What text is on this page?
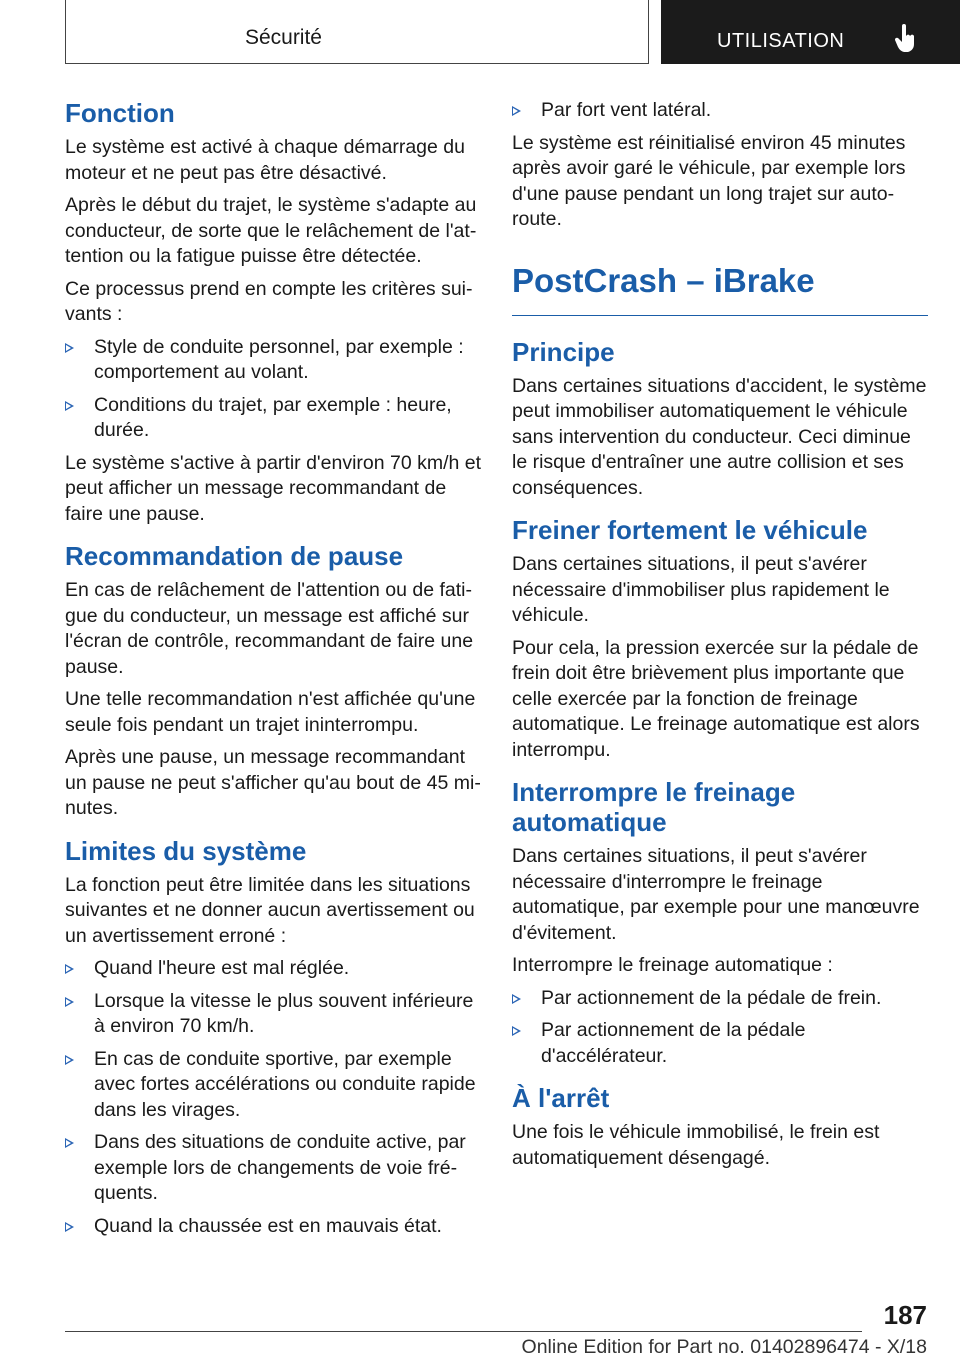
Sécurité	UTILISATION
Fonction

Le système est activé à chaque démarrage du moteur et ne peut pas être désactivé.

Après le début du trajet, le système s'adapte au conducteur, de sorte que le relâchement de l'attention ou la fatigue puisse être détectée.

Ce processus prend en compte les critères suivants :

Style de conduite personnel, par exemple : comportement au volant.
Conditions du trajet, par exemple : heure, durée.

Le système s'active à partir d'environ 70 km/h et peut afficher un message recommandant de faire une pause.

Recommandation de pause

En cas de relâchement de l'attention ou de fatigue du conducteur, un message est affiché sur l'écran de contrôle, recommandant de faire une pause.

Une telle recommandation n'est affichée qu'une seule fois pendant un trajet ininterrompu.

Après une pause, un message recommandant un pause ne peut s'afficher qu'au bout de 45 minutes.

Limites du système

La fonction peut être limitée dans les situations suivantes et ne donner aucun avertissement ou un avertissement erroné :

Quand l'heure est mal réglée.
Lorsque la vitesse le plus souvent inférieure à environ 70 km/h.
En cas de conduite sportive, par exemple avec fortes accélérations ou conduite rapide dans les virages.
Dans des situations de conduite active, par exemple lors de changements de voie fréquents.
Quand la chaussée est en mauvais état.
Par fort vent latéral.

Le système est réinitialisé environ 45 minutes après avoir garé le véhicule, par exemple lors d'une pause pendant un long trajet sur autoroute.

PostCrash – iBrake
Principe

Dans certaines situations d'accident, le système peut immobiliser automatiquement le véhicule sans intervention du conducteur. Ceci diminue le risque d'entraîner une autre collision et ses conséquences.

Freiner fortement le véhicule

Dans certaines situations, il peut s'avérer nécessaire d'immobiliser plus rapidement le véhicule.

Pour cela, la pression exercée sur la pédale de frein doit être brièvement plus importante que celle exercée par la fonction de freinage automatique. Le freinage automatique est alors interrompu.

Interrompre le freinage automatique

Dans certaines situations, il peut s'avérer nécessaire d'interrompre le freinage automatique, par exemple pour une manœuvre d'évitement.

Interrompre le freinage automatique :

Par actionnement de la pédale de frein.
Par actionnement de la pédale d'accélérateur.
À l'arrêt

Une fois le véhicule immobilisé, le frein est automatiquement désengagé.

187
Online Edition for Part no. 01402896474 - X/18
